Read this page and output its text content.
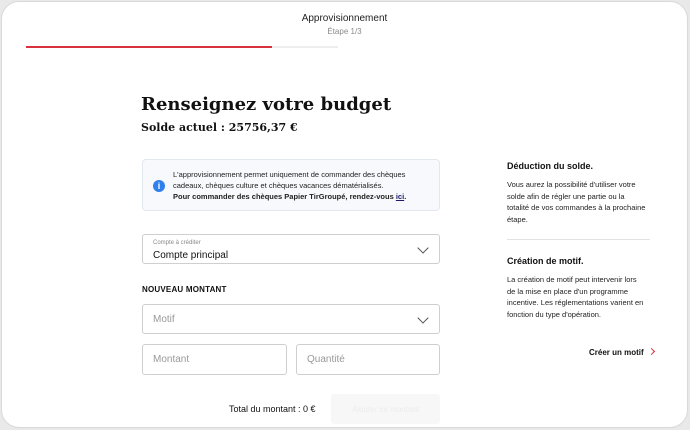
Approvisionnement
Étape 1/3
Renseignez votre budget
Solde actuel : 25756,37 €
i
L'approvisionnement permet uniquement de commander des chèques cadeaux, chèques culture et chèques vacances dématérialisés.
Pour commander des chèques Papier TirGroupé, rendez-vous ici.
Compte à créditer
Compte principal
NOUVEAU MONTANT
Motif
Montant
Quantité
Total du montant : 0 €	Ajouter ce montant
Déduction du solde.
Vous aurez la possibilité d'utiliser votre solde afin de régler une partie ou la totalité de vos commandes à la prochaine étape.
Création de motif.
La création de motif peut intervenir lors de la mise en place d'un programme incentive. Les réglementations varient en fonction du type d'opération.
Créer un motif
